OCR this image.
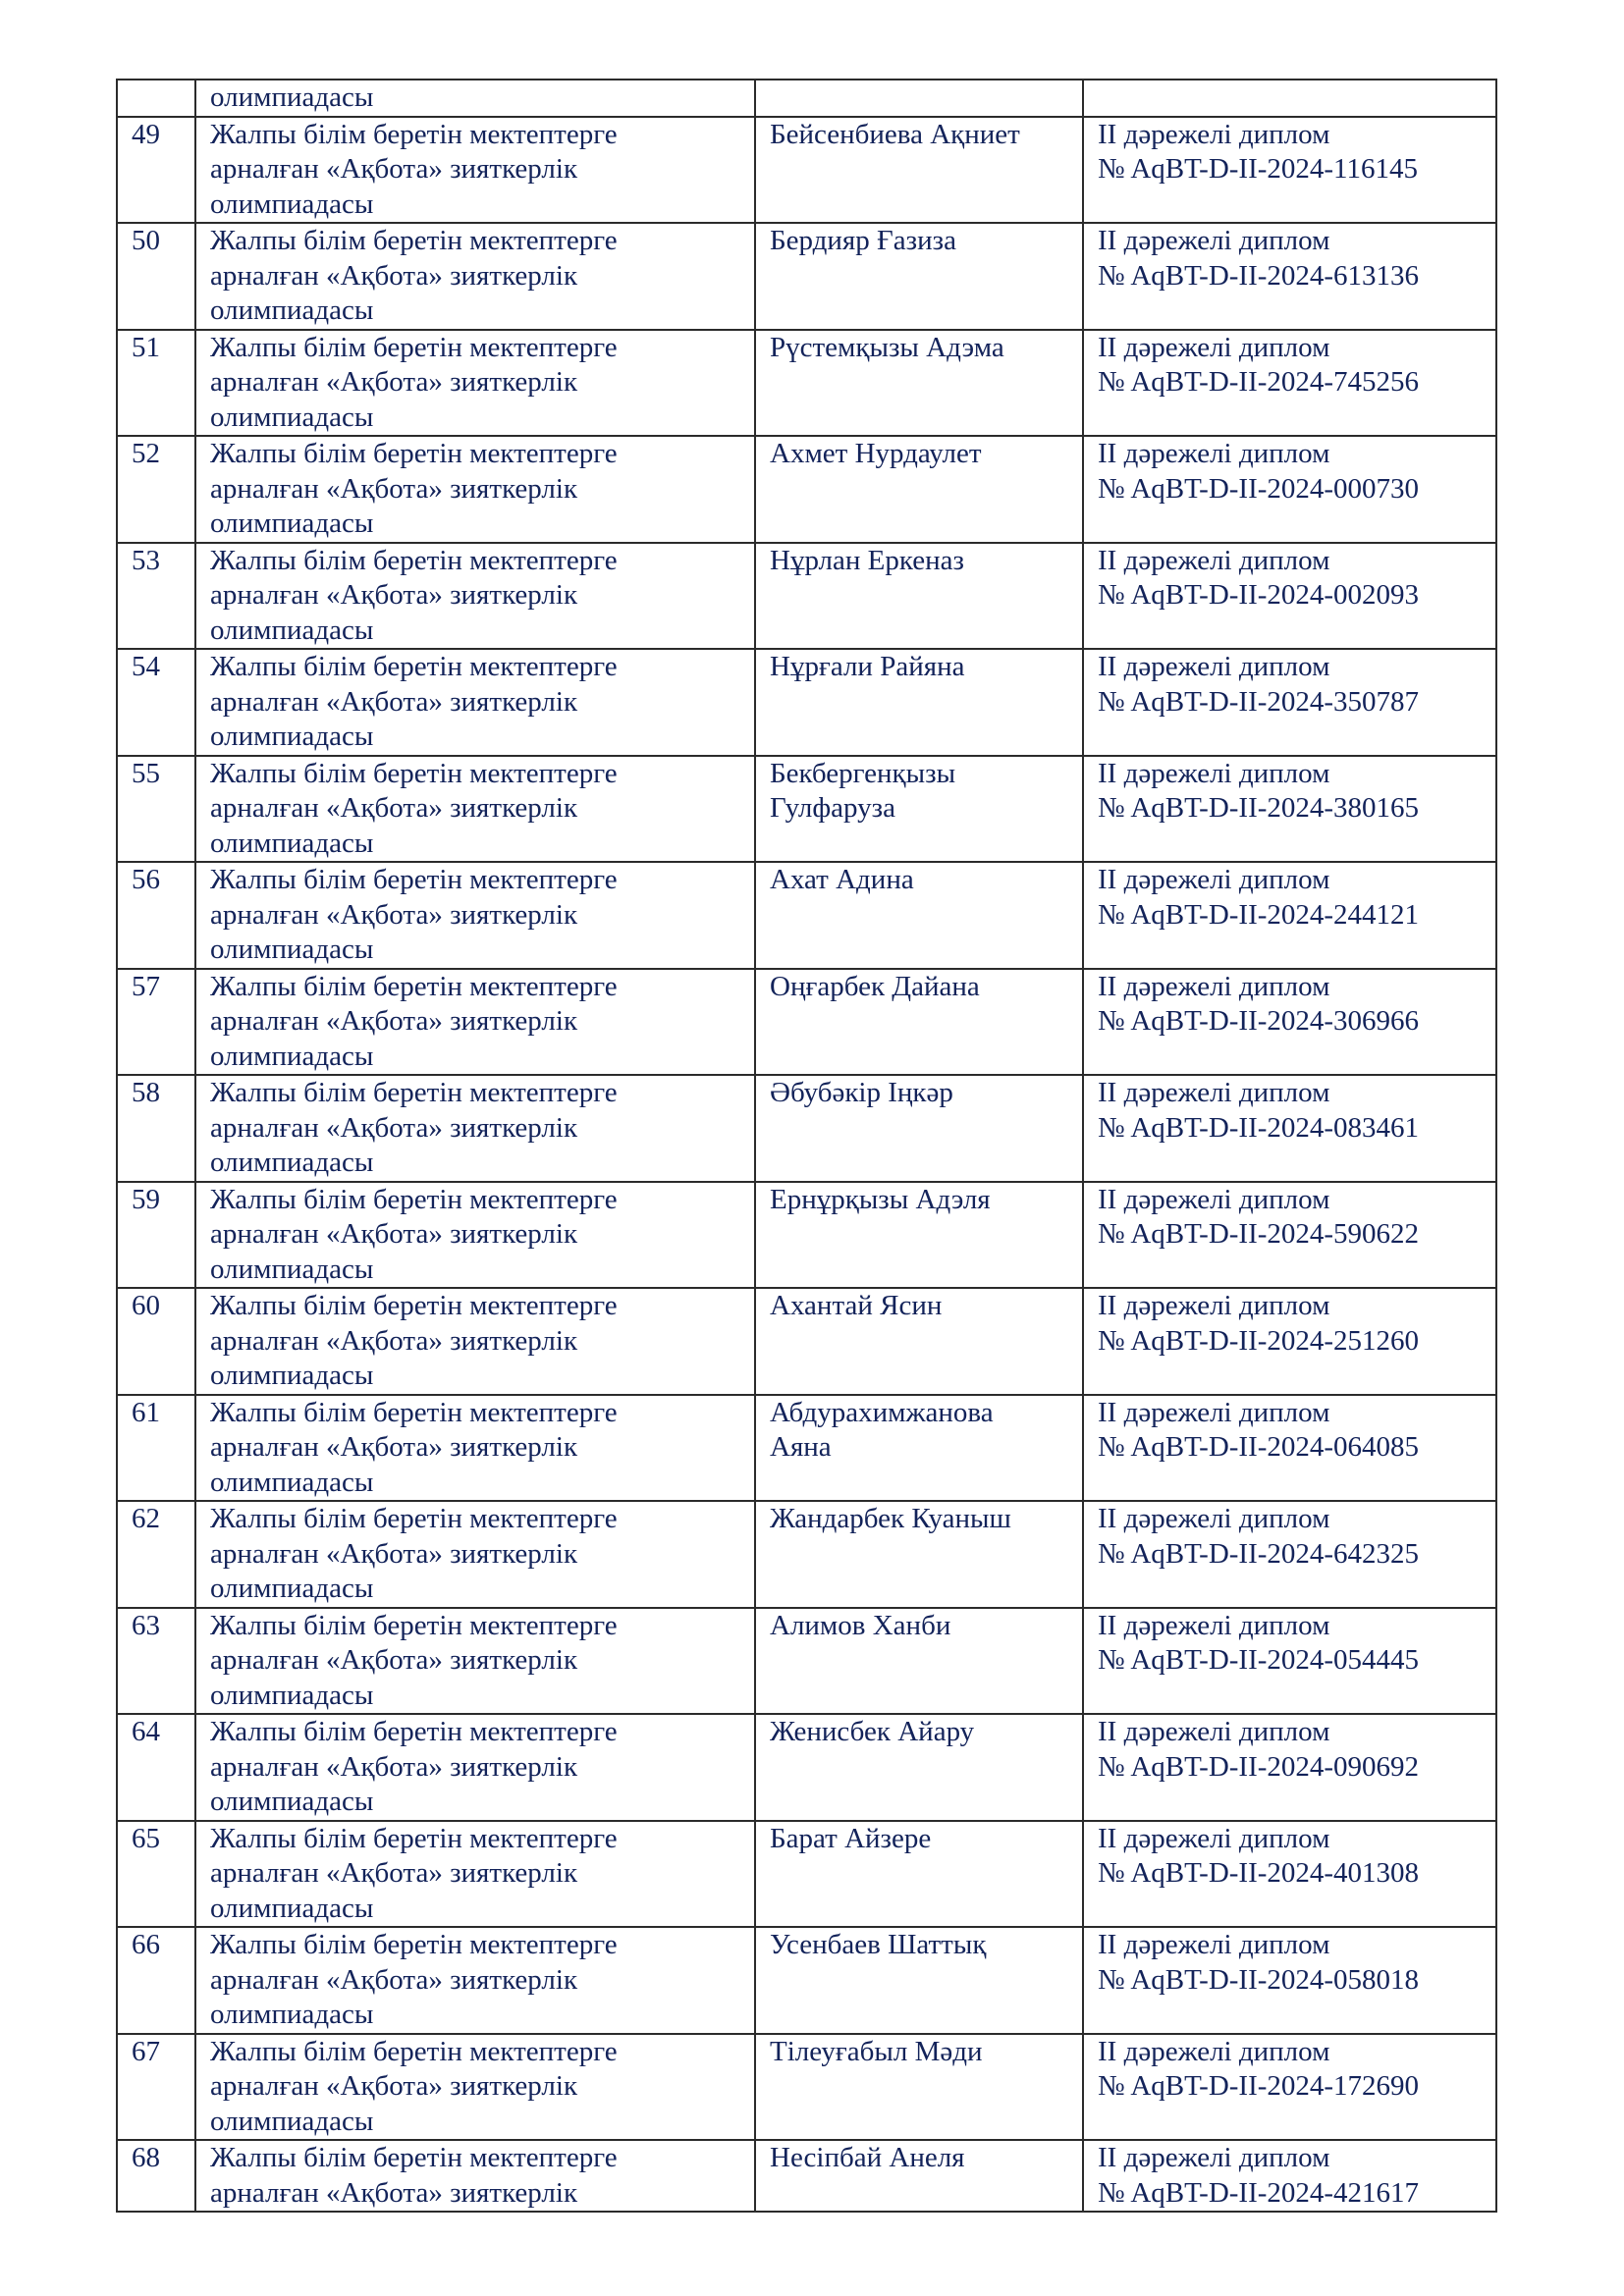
	олимпиадасы		

49	Жалпы білім беретін мектептерге
арналған «Ақбота» зияткерлік
олимпиадасы	Бейсенбиева Ақниет	ІІ дәрежелі диплом
№ AqBT-D-II-2024-116145

50	Жалпы білім беретін мектептерге
арналған «Ақбота» зияткерлік
олимпиадасы	Бердияр Ғазиза	ІІ дәрежелі диплом
№ AqBT-D-II-2024-613136

51	Жалпы білім беретін мектептерге
арналған «Ақбота» зияткерлік
олимпиадасы	Рүстемқызы Адэма	ІІ дәрежелі диплом
№ AqBT-D-II-2024-745256

52	Жалпы білім беретін мектептерге
арналған «Ақбота» зияткерлік
олимпиадасы	Ахмет Нурдаулет	ІІ дәрежелі диплом
№ AqBT-D-II-2024-000730

53	Жалпы білім беретін мектептерге
арналған «Ақбота» зияткерлік
олимпиадасы	Нұрлан Еркеназ	ІІ дәрежелі диплом
№ AqBT-D-II-2024-002093

54	Жалпы білім беретін мектептерге
арналған «Ақбота» зияткерлік
олимпиадасы	Нұрғали Райяна	ІІ дәрежелі диплом
№ AqBT-D-II-2024-350787

55	Жалпы білім беретін мектептерге
арналған «Ақбота» зияткерлік
олимпиадасы	Бекбергенқызы
Гулфаруза	ІІ дәрежелі диплом
№ AqBT-D-II-2024-380165

56	Жалпы білім беретін мектептерге
арналған «Ақбота» зияткерлік
олимпиадасы	Ахат Адина	ІІ дәрежелі диплом
№ AqBT-D-II-2024-244121

57	Жалпы білім беретін мектептерге
арналған «Ақбота» зияткерлік
олимпиадасы	Оңғарбек Дайана	ІІ дәрежелі диплом
№ AqBT-D-II-2024-306966

58	Жалпы білім беретін мектептерге
арналған «Ақбота» зияткерлік
олимпиадасы	Әбубәкір Іңкәр	ІІ дәрежелі диплом
№ AqBT-D-II-2024-083461

59	Жалпы білім беретін мектептерге
арналған «Ақбота» зияткерлік
олимпиадасы	Ернұрқызы Адэля	ІІ дәрежелі диплом
№ AqBT-D-II-2024-590622

60	Жалпы білім беретін мектептерге
арналған «Ақбота» зияткерлік
олимпиадасы	Ахантай Ясин	ІІ дәрежелі диплом
№ AqBT-D-II-2024-251260

61	Жалпы білім беретін мектептерге
арналған «Ақбота» зияткерлік
олимпиадасы	Абдурахимжанова
Аяна	ІІ дәрежелі диплом
№ AqBT-D-II-2024-064085

62	Жалпы білім беретін мектептерге
арналған «Ақбота» зияткерлік
олимпиадасы	Жандарбек Куаныш	ІІ дәрежелі диплом
№ AqBT-D-II-2024-642325

63	Жалпы білім беретін мектептерге
арналған «Ақбота» зияткерлік
олимпиадасы	Алимов Ханби	ІІ дәрежелі диплом
№ AqBT-D-II-2024-054445

64	Жалпы білім беретін мектептерге
арналған «Ақбота» зияткерлік
олимпиадасы	Женисбек Айару	ІІ дәрежелі диплом
№ AqBT-D-II-2024-090692

65	Жалпы білім беретін мектептерге
арналған «Ақбота» зияткерлік
олимпиадасы	Барат Айзере	ІІ дәрежелі диплом
№ AqBT-D-II-2024-401308

66	Жалпы білім беретін мектептерге
арналған «Ақбота» зияткерлік
олимпиадасы	Усенбаев Шаттық	ІІ дәрежелі диплом
№ AqBT-D-II-2024-058018

67	Жалпы білім беретін мектептерге
арналған «Ақбота» зияткерлік
олимпиадасы	Тілеуғабыл Мәди	ІІ дәрежелі диплом
№ AqBT-D-II-2024-172690

68	Жалпы білім беретін мектептерге
арналған «Ақбота» зияткерлік	Несіпбай Анеля	ІІ дәрежелі диплом
№ AqBT-D-II-2024-421617
